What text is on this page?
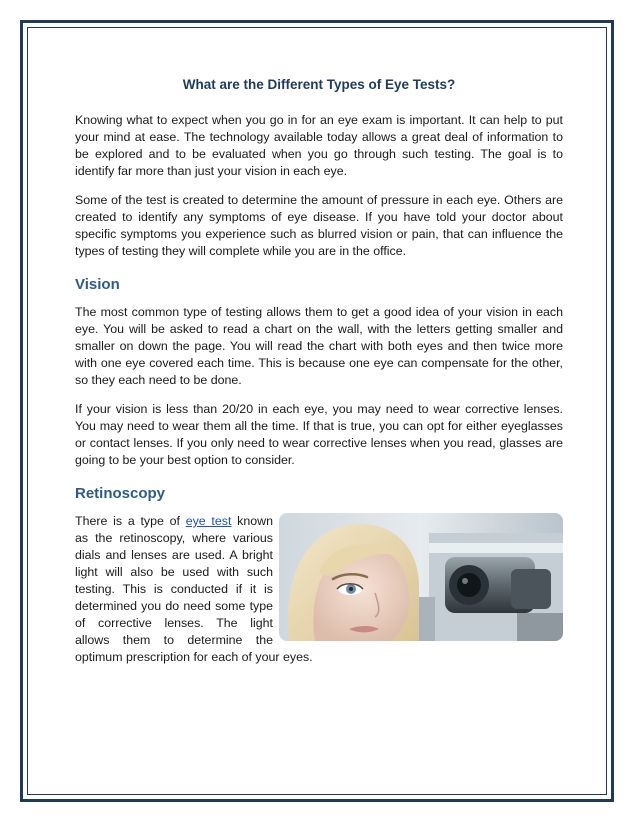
What are the Different Types of Eye Tests?

Knowing what to expect when you go in for an eye exam is important. It can help to put your mind at ease. The technology available today allows a great deal of information to be explored and to be evaluated when you go through such testing. The goal is to identify far more than just your vision in each eye.

Some of the test is created to determine the amount of pressure in each eye. Others are created to identify any symptoms of eye disease. If you have told your doctor about specific symptoms you experience such as blurred vision or pain, that can influence the types of testing they will complete while you are in the office.

Vision

The most common type of testing allows them to get a good idea of your vision in each eye. You will be asked to read a chart on the wall, with the letters getting smaller and smaller on down the page. You will read the chart with both eyes and then twice more with one eye covered each time. This is because one eye can compensate for the other, so they each need to be done.

If your vision is less than 20/20 in each eye, you may need to wear corrective lenses. You may need to wear them all the time. If that is true, you can opt for either eyeglasses or contact lenses. If you only need to wear corrective lenses when you read, glasses are going to be your best option to consider.

Retinoscopy

There is a type of eye test known as the retinoscopy, where various dials and lenses are used. A bright light will also be used with such testing. This is conducted if it is determined you do need some type of corrective lenses. The light allows them to determine the optimum prescription for each of your eyes.
